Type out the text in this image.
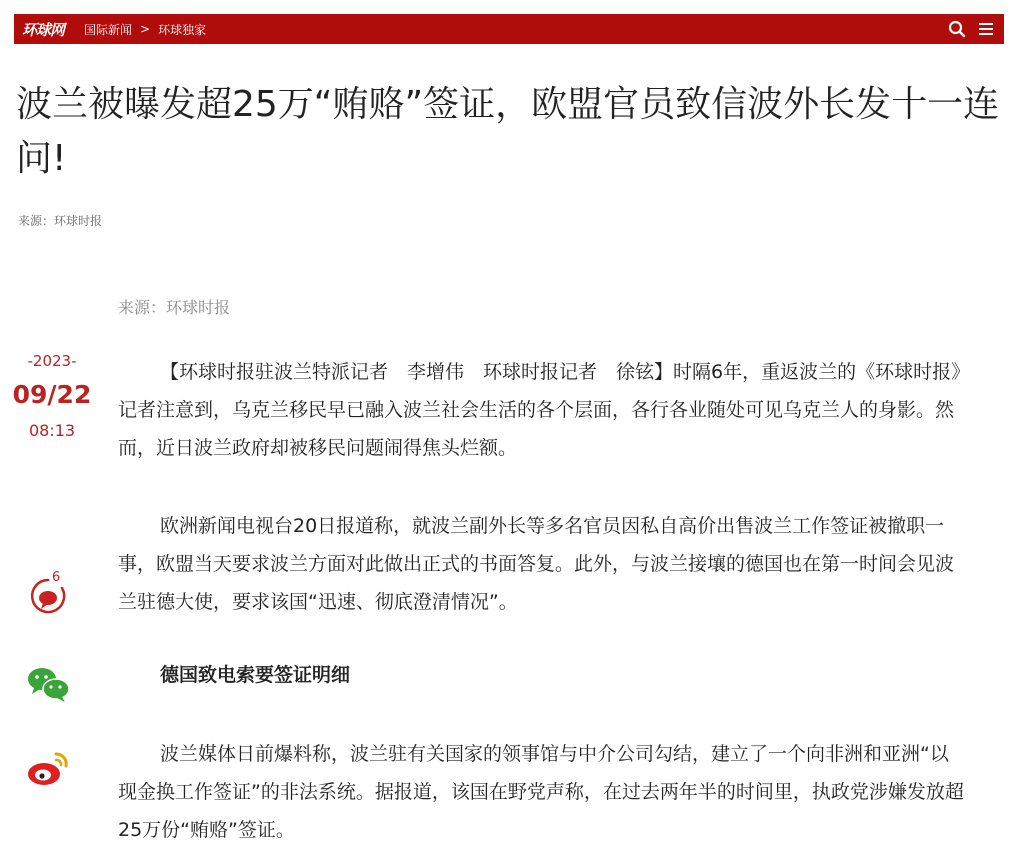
环球网 国际新闻 > 环球独家
波兰被曝发超25万“贿赂”签证，欧盟官员致信波外长发十一连问!
来源：环球时报
来源：环球时报
-2023-
09/22
08:13
6

【环球时报驻波兰特派记者　李增伟　环球时报记者　徐铉】时隔6年，重返波兰的《环球时报》记者注意到，乌克兰移民早已融入波兰社会生活的各个层面，各行各业随处可见乌克兰人的身影。然而，近日波兰政府却被移民问题闹得焦头烂额。

欧洲新闻电视台20日报道称，就波兰副外长等多名官员因私自高价出售波兰工作签证被撤职一事，欧盟当天要求波兰方面对此做出正式的书面答复。此外，与波兰接壤的德国也在第一时间会见波兰驻德大使，要求该国“迅速、彻底澄清情况”。

德国致电索要签证明细

波兰媒体日前爆料称，波兰驻有关国家的领事馆与中介公司勾结，建立了一个向非洲和亚洲“以现金换工作签证”的非法系统。据报道，该国在野党声称，在过去两年半的时间里，执政党涉嫌发放超25万份“贿赂”签证。
